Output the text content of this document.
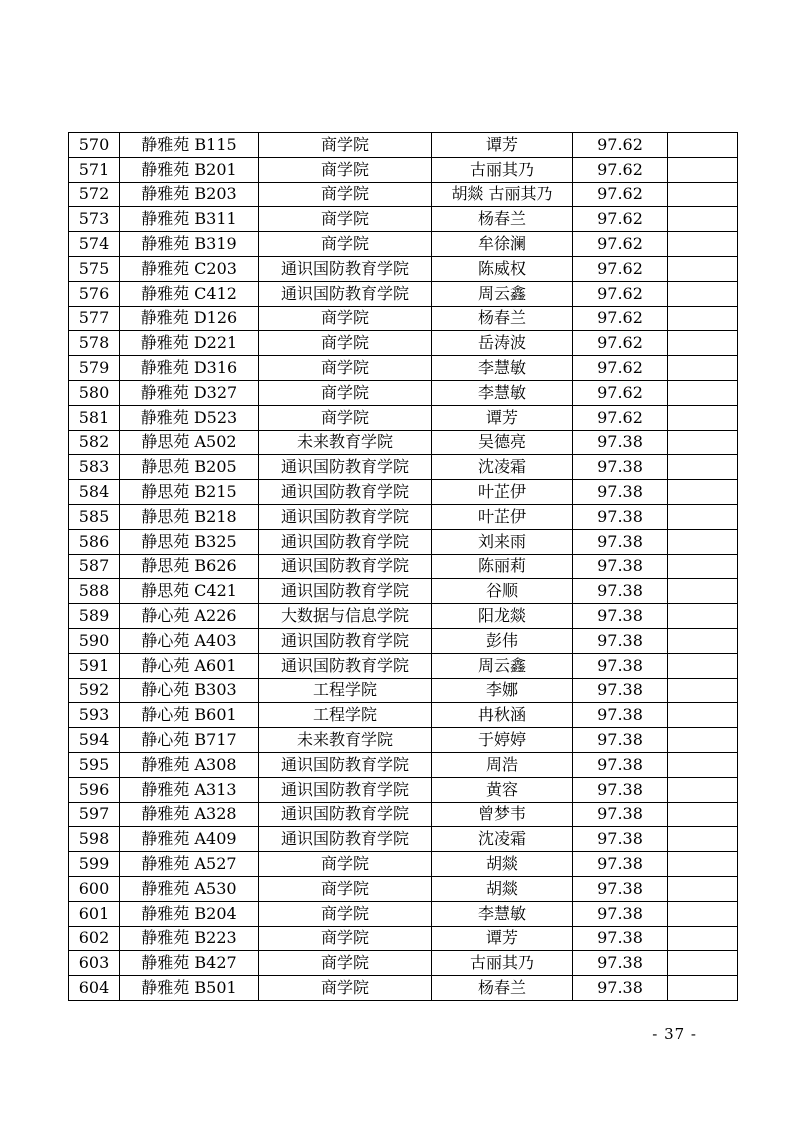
570	静雅苑 B115	商学院	谭芳	97.62	
571	静雅苑 B201	商学院	古丽其乃	97.62	
572	静雅苑 B203	商学院	胡燚 古丽其乃	97.62	
573	静雅苑 B311	商学院	杨春兰	97.62	
574	静雅苑 B319	商学院	牟徐澜	97.62	
575	静雅苑 C203	通识国防教育学院	陈威权	97.62	
576	静雅苑 C412	通识国防教育学院	周云鑫	97.62	
577	静雅苑 D126	商学院	杨春兰	97.62	
578	静雅苑 D221	商学院	岳涛波	97.62	
579	静雅苑 D316	商学院	李慧敏	97.62	
580	静雅苑 D327	商学院	李慧敏	97.62	
581	静雅苑 D523	商学院	谭芳	97.62	
582	静思苑 A502	未来教育学院	吴德亮	97.38	
583	静思苑 B205	通识国防教育学院	沈凌霜	97.38	
584	静思苑 B215	通识国防教育学院	叶芷伊	97.38	
585	静思苑 B218	通识国防教育学院	叶芷伊	97.38	
586	静思苑 B325	通识国防教育学院	刘来雨	97.38	
587	静思苑 B626	通识国防教育学院	陈丽莉	97.38	
588	静思苑 C421	通识国防教育学院	谷顺	97.38	
589	静心苑 A226	大数据与信息学院	阳龙燚	97.38	
590	静心苑 A403	通识国防教育学院	彭伟	97.38	
591	静心苑 A601	通识国防教育学院	周云鑫	97.38	
592	静心苑 B303	工程学院	李娜	97.38	
593	静心苑 B601	工程学院	冉秋涵	97.38	
594	静心苑 B717	未来教育学院	于婷婷	97.38	
595	静雅苑 A308	通识国防教育学院	周浩	97.38	
596	静雅苑 A313	通识国防教育学院	黄容	97.38	
597	静雅苑 A328	通识国防教育学院	曾梦韦	97.38	
598	静雅苑 A409	通识国防教育学院	沈凌霜	97.38	
599	静雅苑 A527	商学院	胡燚	97.38	
600	静雅苑 A530	商学院	胡燚	97.38	
601	静雅苑 B204	商学院	李慧敏	97.38	
602	静雅苑 B223	商学院	谭芳	97.38	
603	静雅苑 B427	商学院	古丽其乃	97.38	
604	静雅苑 B501	商学院	杨春兰	97.38	
- 37 -
